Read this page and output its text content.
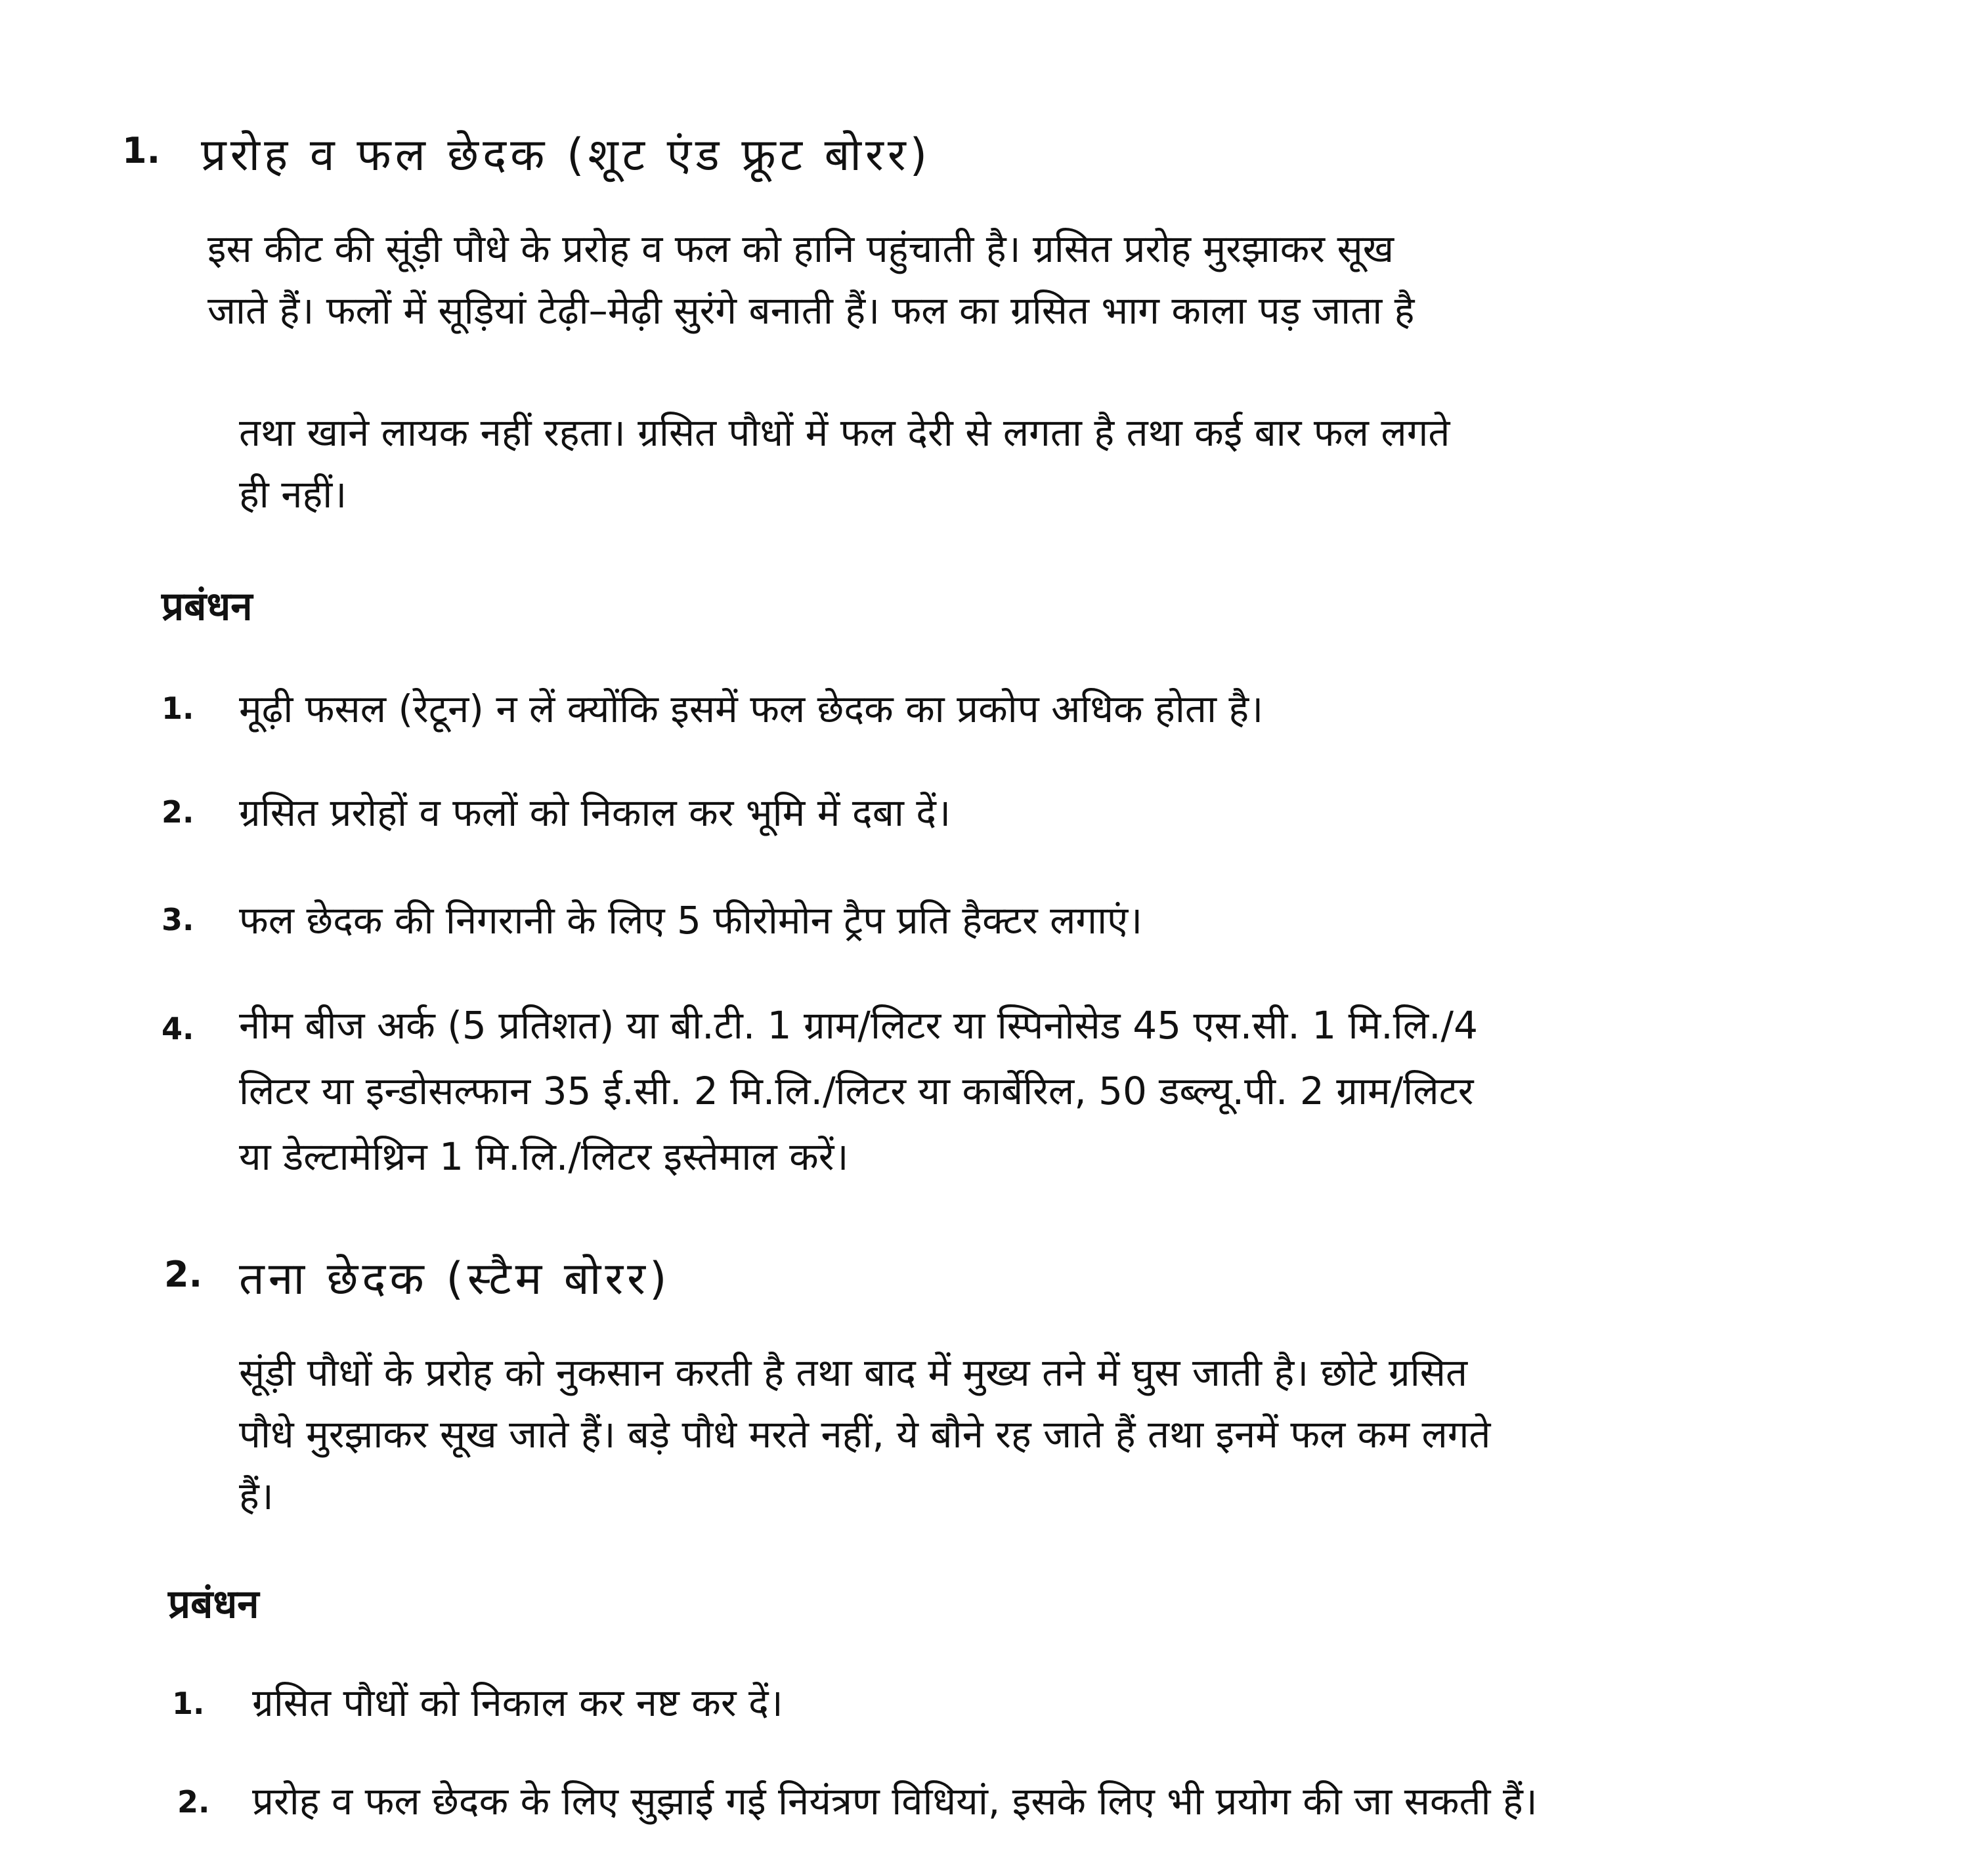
1. प्ररोह व फल छेदक (शूट एंड फ्रूट बोरर)
इस कीट की सूंड़ी पौधे के प्ररोह व फल को हानि पहुंचाती है। ग्रसित प्ररोह मुरझाकर सूख
जाते हैं। फलों में सूड़ियां टेढ़ी–मेढ़ी सुरंगे बनाती हैं। फल का ग्रसित भाग काला पड़ जाता है
तथा खाने लायक नहीं रहता। ग्रसित पौधों में फल देरी से लगता है तथा कई बार फल लगते
ही नहीं।
प्रबंधन
1. मूढ़ी फसल (रेटून) न लें क्योंकि इसमें फल छेदक का प्रकोप अधिक होता है।
2. ग्रसित प्ररोहों व फलों को निकाल कर भूमि में दबा दें।
3. फल छेदक की निगरानी के लिए 5 फीरोमोन ट्रैप प्रति हैक्टर लगाएं।
4. नीम बीज अर्क (5 प्रतिशत) या बी.टी. 1 ग्राम/लिटर या स्पिनोसेड 45 एस.सी. 1 मि.लि./4
लिटर या इन्डोसल्फान 35 ई.सी. 2 मि.लि./लिटर या कार्बेरिल, 50 डब्ल्यू.पी. 2 ग्राम/लिटर
या डेल्टामेथ्रिन 1 मि.लि./लिटर इस्तेमाल करें।
2. तना छेदक (स्टैम बोरर)
सूंड़ी पौधों के प्ररोह को नुकसान करती है तथा बाद में मुख्य तने में घुस जाती है। छोटे ग्रसित
पौधे मुरझाकर सूख जाते हैं। बड़े पौधे मरते नहीं, ये बौने रह जाते हैं तथा इनमें फल कम लगते
हैं।
प्रबंधन
1. ग्रसित पौधों को निकाल कर नष्ट कर दें।
2. प्ररोह व फल छेदक के लिए सुझाई गई नियंत्रण विधियां, इसके लिए भी प्रयोग की जा सकती हैं।
